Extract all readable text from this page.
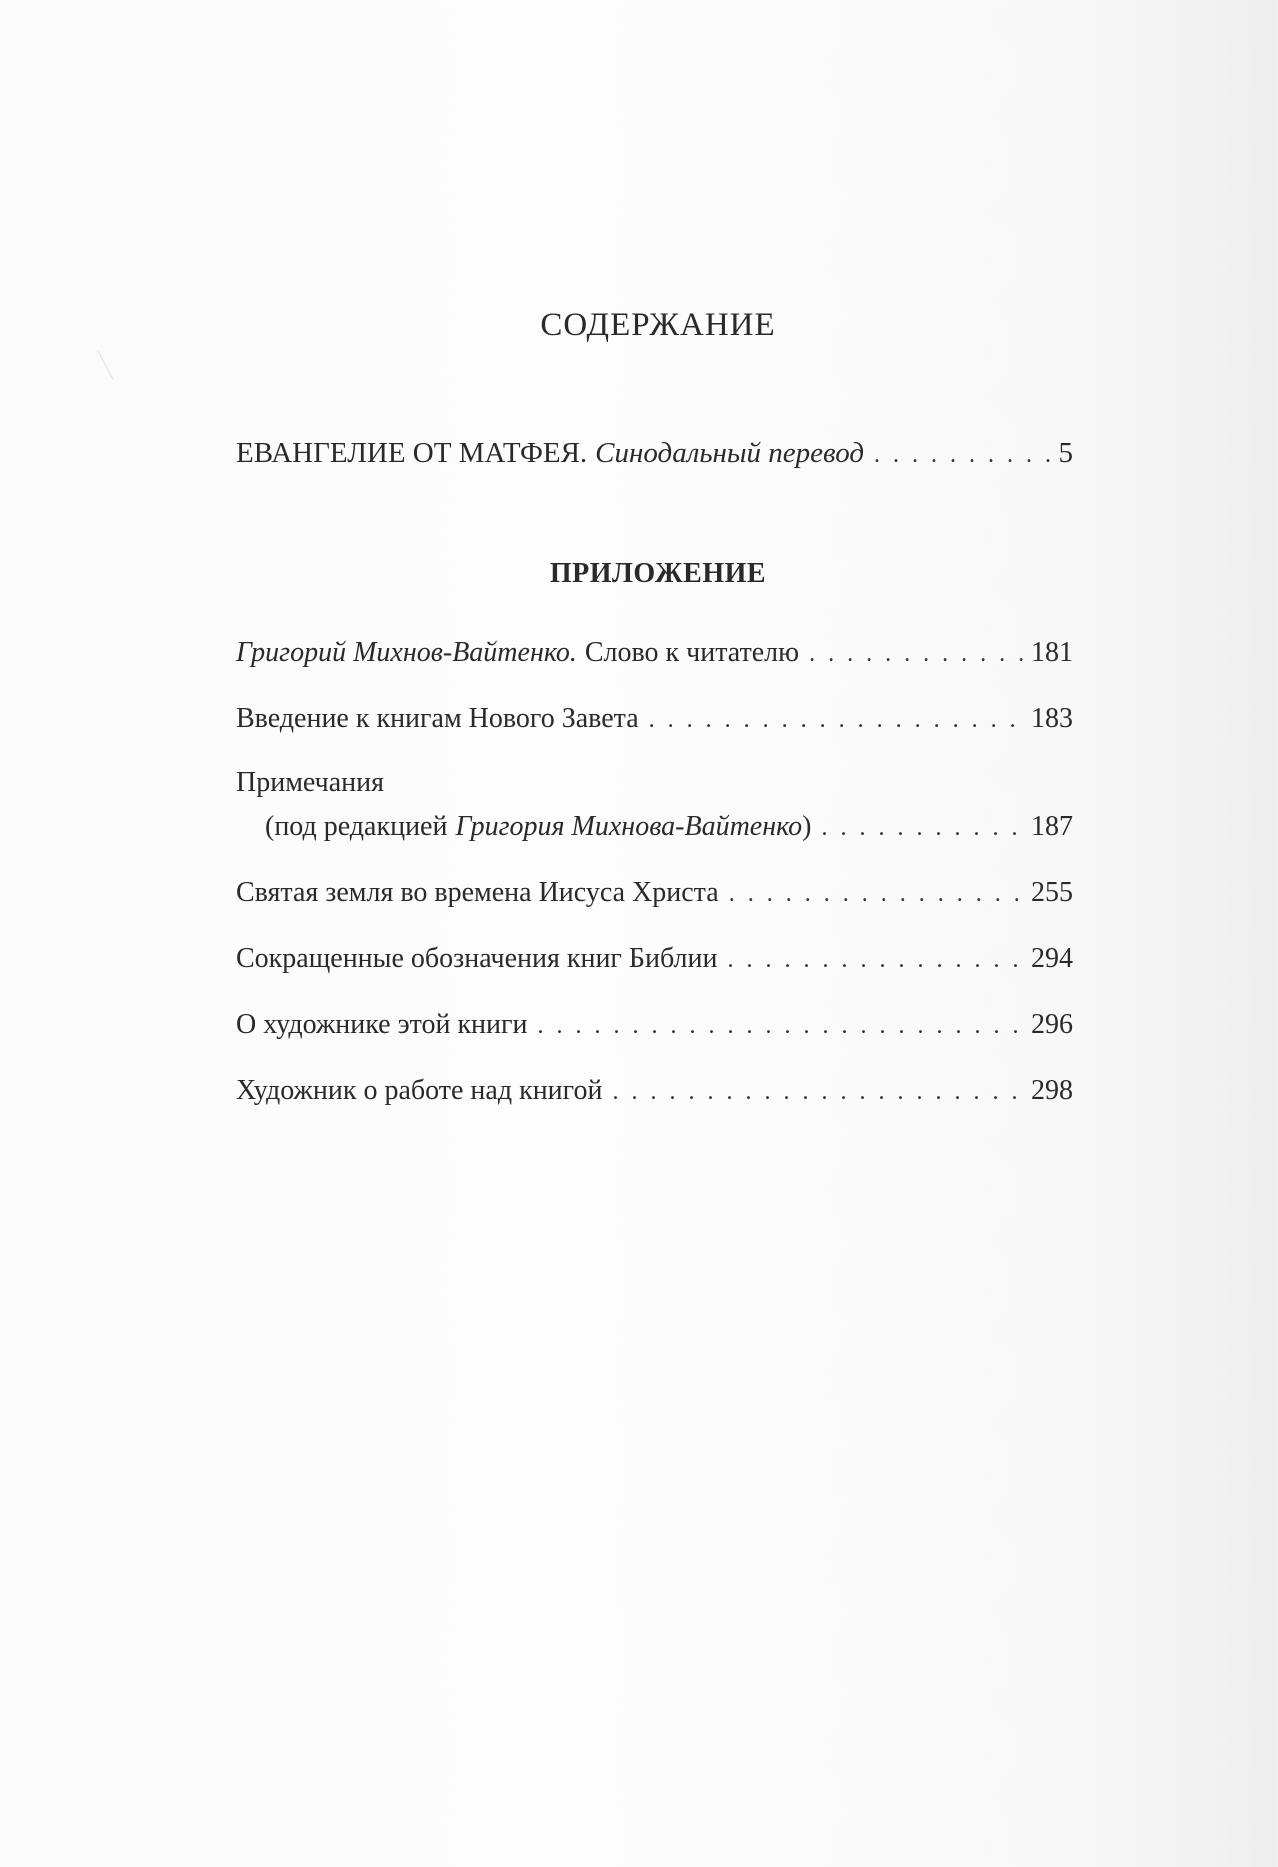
СОДЕРЖАНИЕ
ЕВАНГЕЛИЕ ОТ МАТФЕЯ. Синодальный перевод . . .	5
ПРИЛОЖЕНИЕ
Григорий Михнов-Вайтенко. Слово к читателю . . .	181
Введение к книгам Нового Завета . . .	183
Примечания
(под редакцией Григория Михнова-Вайтенко ) . . .	187
Святая земля во времена Иисуса Христа . . .	255
Сокращенные обозначения книг Библии . . .	294
О художнике этой книги . . .	296
Художник о работе над книгой . . .	298
